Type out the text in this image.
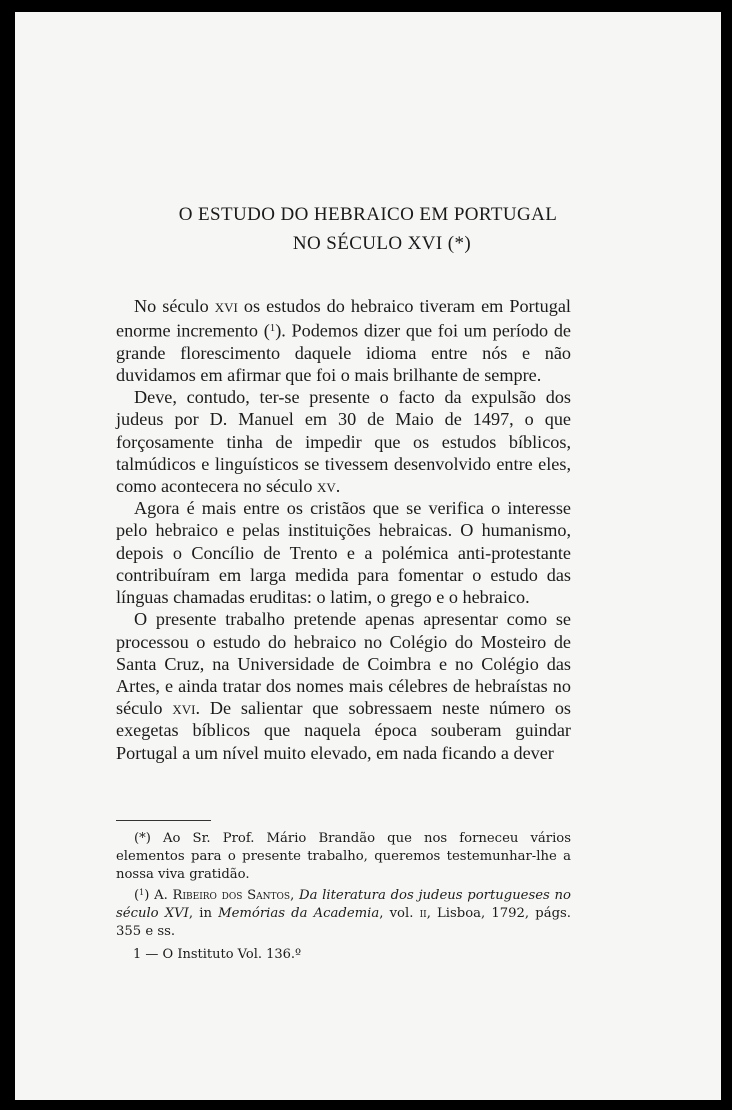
O ESTUDO DO HEBRAICO EM PORTUGAL
NO SÉCULO XVI (*)

No século xvi os estudos do hebraico tiveram em Portugal enorme incremento ($^1$). Podemos dizer que foi um período de grande florescimento daquele idioma entre nós e não duvidamos em afirmar que foi o mais brilhante de sempre.

Deve, contudo, ter-se presente o facto da expulsão dos judeus por D. Manuel em 30 de Maio de 1497, o que forçosamente tinha de impedir que os estudos bíblicos, talmúdicos e linguísticos se tivessem desenvolvido entre eles, como acontecera no século xv.

Agora é mais entre os cristãos que se verifica o interesse pelo hebraico e pelas instituições hebraicas. O humanismo, depois o Concílio de Trento e a polémica anti-protestante contribuíram em larga medida para fomentar o estudo das línguas chamadas eruditas: o latim, o grego e o hebraico.

O presente trabalho pretende apenas apresentar como se processou o estudo do hebraico no Colégio do Mosteiro de Santa Cruz, na Universidade de Coimbra e no Colégio das Artes, e ainda tratar dos nomes mais célebres de hebraístas no século xvi. De salientar que sobressaem neste número os exegetas bíblicos que naquela época souberam guindar Portugal a um nível muito elevado, em nada ficando a dever

(*) Ao Sr. Prof. Mário Brandão que nos forneceu vários elementos para o presente trabalho, queremos testemunhar-lhe a nossa viva gratidão.

($^1$) A. Ribeiro dos Santos, Da literatura dos judeus portugueses no século XVI, in Memórias da Academia, vol. ii, Lisboa, 1792, págs. 355 e ss.

1 — O Instituto Vol. 136.º
